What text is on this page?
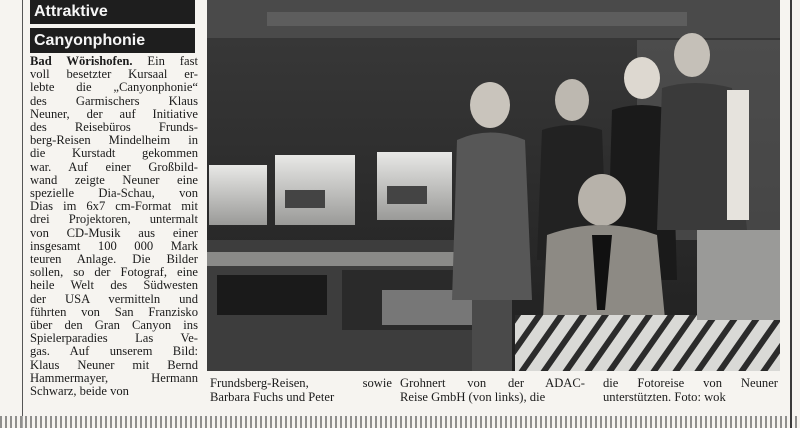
Attraktive
Canyonphonie
Bad Wörishofen. Ein fast
voll besetzter Kursaal er-
lebte die „Canyonphonie“
des Garmischers Klaus
Neuner, der auf Initiative
des Reisebüros Frunds-
berg-Reisen Mindelheim in
die Kurstadt gekommen
war. Auf einer Großbild-
wand zeigte Neuner eine
spezielle Dia-Schau, von
Dias im 6x7 cm-Format mit
drei Projektoren, untermalt
von CD-Musik aus einer
insgesamt 100 000 Mark
teuren Anlage. Die Bilder
sollen, so der Fotograf, eine
heile Welt des Südwesten
der USA vermitteln und
führten von San Franzisko
über den Gran Canyon ins
Spielerparadies Las Ve-
gas. Auf unserem Bild:
Klaus Neuner mit Bernd
Hammermayer, Hermann
Schwarz, beide von
Frundsberg-Reisen, sowie
Barbara Fuchs und Peter
Grohnert von der ADAC-
Reise GmbH (von links), die
die Fotoreise von Neuner
unterstützten. Foto: wok
